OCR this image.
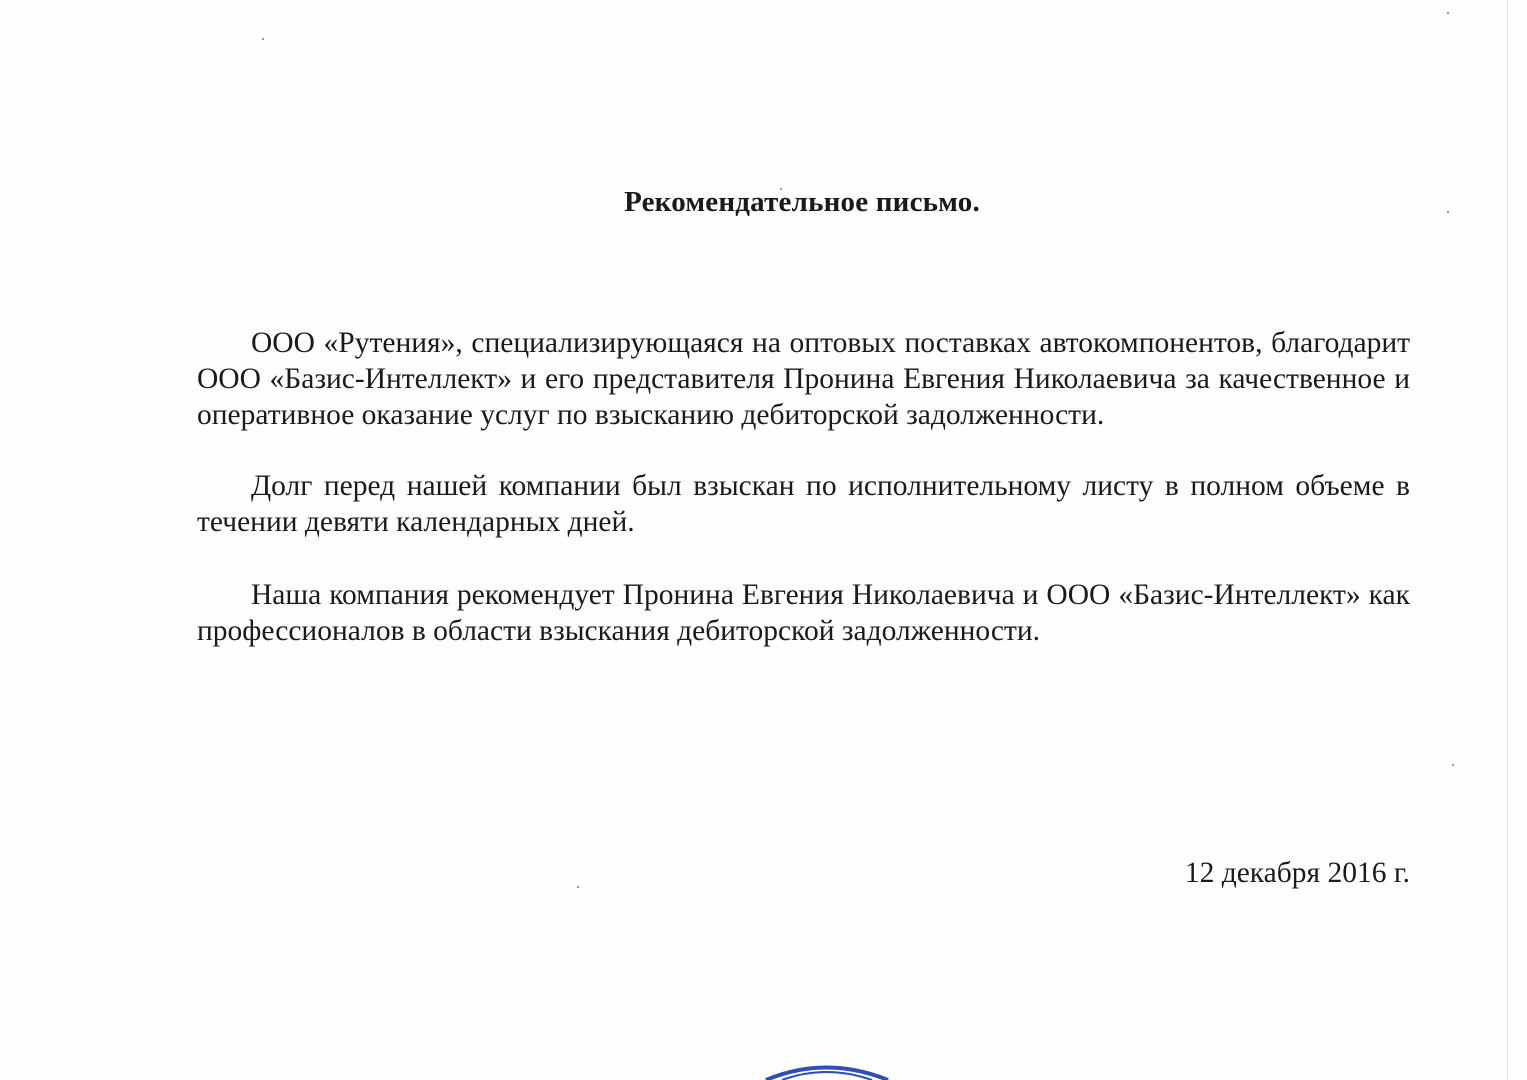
Рекомендательное письмо.

ООО «Рутения», специализирующаяся на оптовых поставках автокомпонентов, благодарит ООО «Базис-Интеллект» и его представителя Пронина Евгения Николаевича за качественное и оперативное оказание услуг по взысканию дебиторской задолженности.

Долг перед нашей компании был взыскан по исполнительному листу в полном объеме в течении девяти календарных дней.

Наша компания рекомендует Пронина Евгения Николаевича и ООО «Базис-Интеллект» как профессионалов в области взыскания дебиторской задолженности.

12 декабря 2016 г.
